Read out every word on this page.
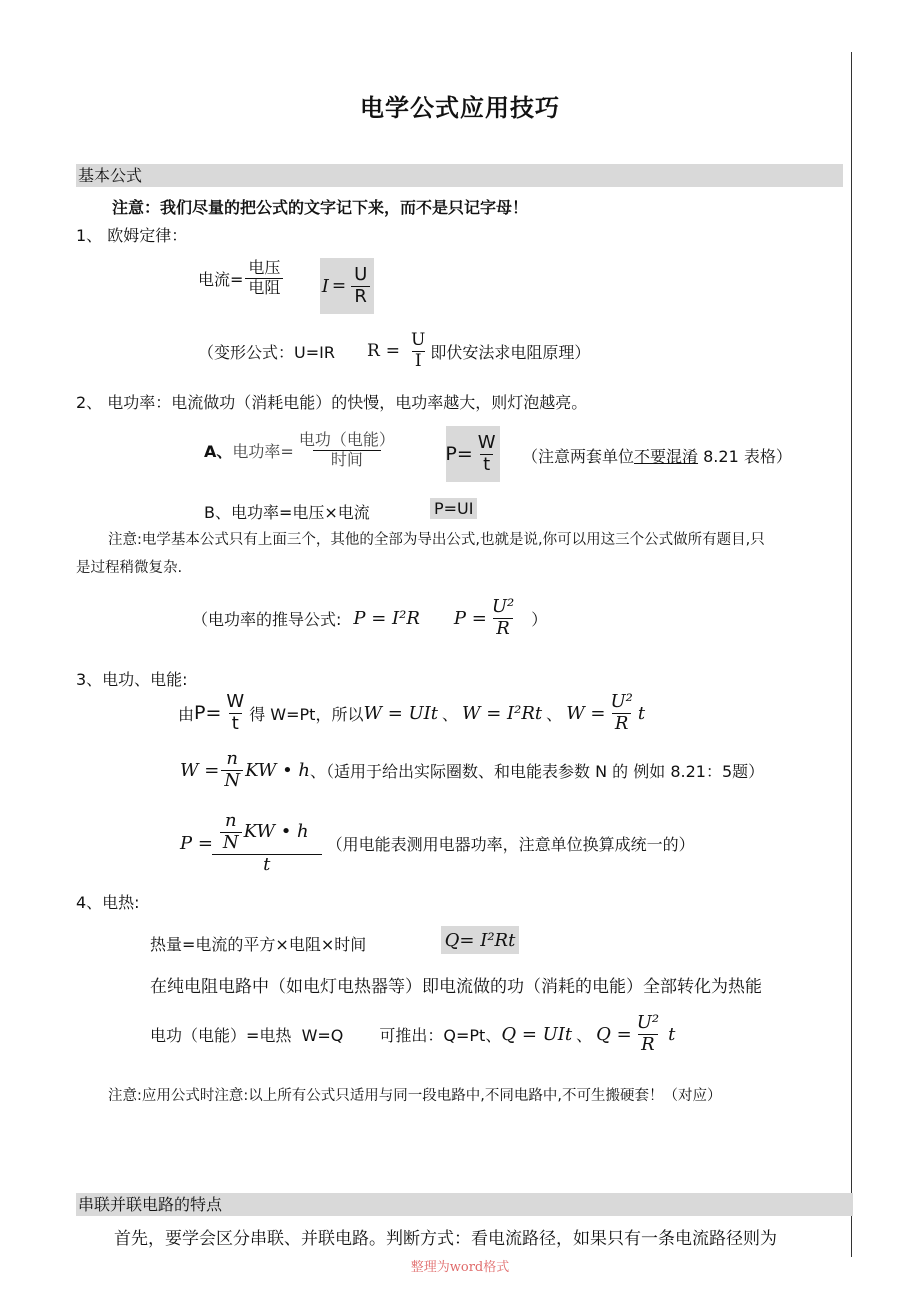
电学公式应用技巧
基本公式
注意：我们尽量的把公式的文字记下来，而不是只记字母！
1、 欧姆定律：
电流= $\frac{\text{电压}}{\text{电阻}}$ $I = \frac{U}{R}$
（变形公式：U=IR $R = \frac{U}{I}$ 即伏安法求电阻原理）
2、 电功率：电流做功（消耗电能）的快慢，电功率越大，则灯泡越亮。
A、 电功率= $\frac{\text{电功（电能）}}{\text{时间}}$	$P= \frac{W}{t}$ （注意两套单位不要混淆 8.21 表格）
B、电功率=电压×电流	P=UI
注意:电学基本公式只有上面三个，其他的全部为导出公式,也就是说,你可以用这三个公式做所有题目,只
是过程稍微复杂.
（电功率的推导公式: P = I²R $P = \frac{\text{U²}}{R}$ ）
3、电功、电能:
由 $P= \frac{W}{t}$ 得 W=Pt，所以 W = UIt 、 W = I²Rt 、 $W = \frac{\text{U²}}{R}$ t
$W = \frac{n}{N}$ KW • h 、（适用于给出实际圈数、和电能表参数 N 的 例如 8.21：5题）
$P = \frac{\frac{n}{N} KW • h}{t}$ （用电能表测用电器功率，注意单位换算成统一的）
4、电热:
热量=电流的平方×电阻×时间	Q= I²Rt
在纯电阻电路中（如电灯电热器等）即电流做的功（消耗的电能）全部转化为热能
电功（电能）=电热  W=Q 可推出：Q=Pt、 Q = UIt 、 $Q = \frac{\text{U²}}{R}$ t
注意:应用公式时注意:以上所有公式只适用与同一段电路中,不同电路中,不可生搬硬套！（对应）
串联并联电路的特点
首先，要学会区分串联、并联电路。判断方式：看电流路径，如果只有一条电流路径则为
整理为word格式
